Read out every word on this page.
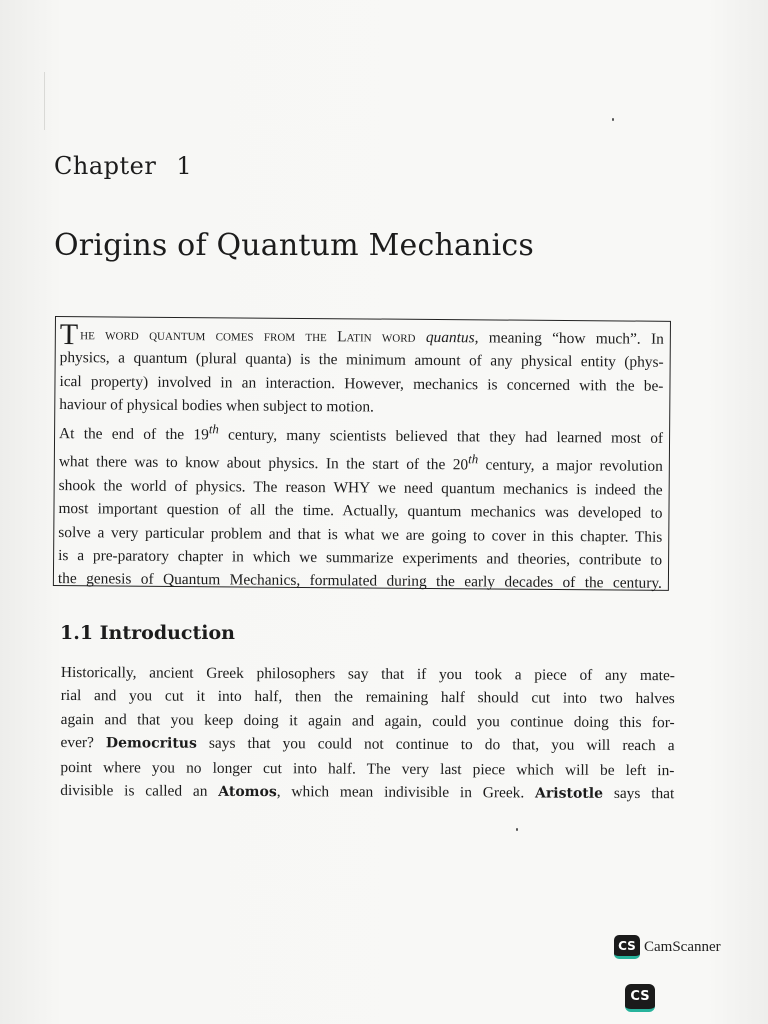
Chapter 1
Origins of Quantum Mechanics

The word quantum comes from the Latin word quantus, meaning “how much”. In

physics, a quantum (plural quanta) is the minimum amount of any physical entity (phys-

ical property) involved in an interaction. However, mechanics is concerned with the be-

haviour of physical bodies when subject to motion.

At the end of the 19th century, many scientists believed that they had learned most of

what there was to know about physics. In the start of the 20th century, a major revolution

shook the world of physics. The reason WHY we need quantum mechanics is indeed the

most important question of all the time. Actually, quantum mechanics was developed to

solve a very particular problem and that is what we are going to cover in this chapter. This

is a pre-paratory chapter in which we summarize experiments and theories, contribute to

the genesis of Quantum Mechanics, formulated during the early decades of the century.

1.1 Introduction

Historically, ancient Greek philosophers say that if you took a piece of any mate-

rial and you cut it into half, then the remaining half should cut into two halves

again and that you keep doing it again and again, could you continue doing this for-

ever? Democritus says that you could not continue to do that, you will reach a

point where you no longer cut into half. The very last piece which will be left in-

divisible is called an Atomos, which mean indivisible in Greek. Aristotle says that

CS CamScanner
CS
